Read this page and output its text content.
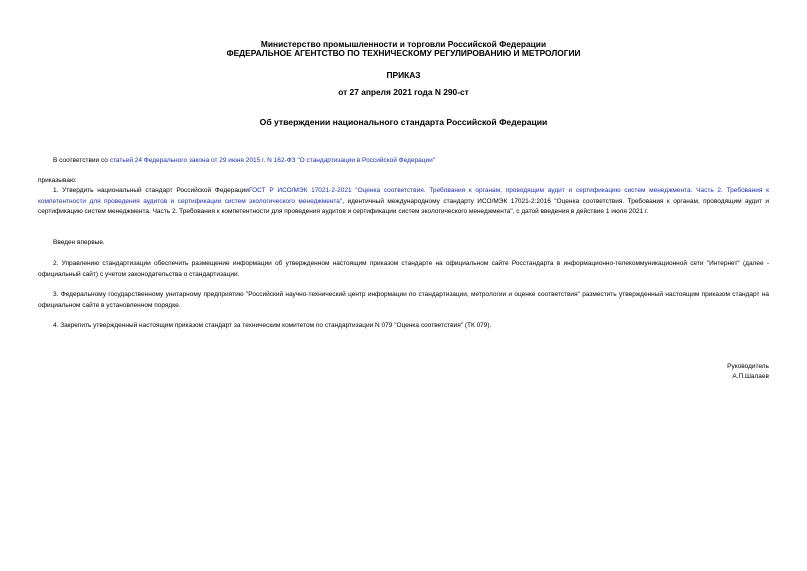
Министерство промышленности и торговли Российской Федерации
ФЕДЕРАЛЬНОЕ АГЕНТСТВО ПО ТЕХНИЧЕСКОМУ РЕГУЛИРОВАНИЮ И МЕТРОЛОГИИ
ПРИКАЗ
от 27 апреля 2021 года N 290-ст
Об утверждении национального стандарта Российской Федерации
В соответствии со статьей 24 Федерального закона от 29 июня 2015 г. N 162-ФЗ "О стандартизации в Российской Федерации"
приказываю:
1. Утвердить национальный стандарт Российской ФедерацииГОСТ Р ИСО/МЭК 17021-2-2021 "Оценка соответствия. Требования к органам, проводящим аудит и сертификацию систем менеджмента. Часть 2. Требования к компетентности для проведения аудитов и сертификации систем экологического менеджмента", идентичный международному стандарту ИСО/МЭК 17021-2:2016 "Оценка соответствия. Требования к органам, проводящим аудит и сертификацию систем менеджмента. Часть 2. Требования к компетентности для проведения аудитов и сертификации систем экологического менеджмента", с датой введения в действие 1 июля 2021 г.
Введен впервые.
2. Управлению стандартизации обеспечить размещение информации об утвержденном настоящим приказом стандарте на официальном сайте Росстандарта в информационно-телекоммуникационной сети "Интернет" (далее - официальный сайт) с учетом законодательства о стандартизации.
3. Федеральному государственному унитарному предприятию "Российский научно-технический центр информации по стандартизации, метрологии и оценке соответствия" разместить утвержденный настоящим приказом стандарт на официальном сайте в установленном порядке.
4. Закрепить утвержденный настоящим приказом стандарт за техническим комитетом по стандартизации N 079 "Оценка соответствия" (ТК 079).
Руководитель
А.П.Шалаев
